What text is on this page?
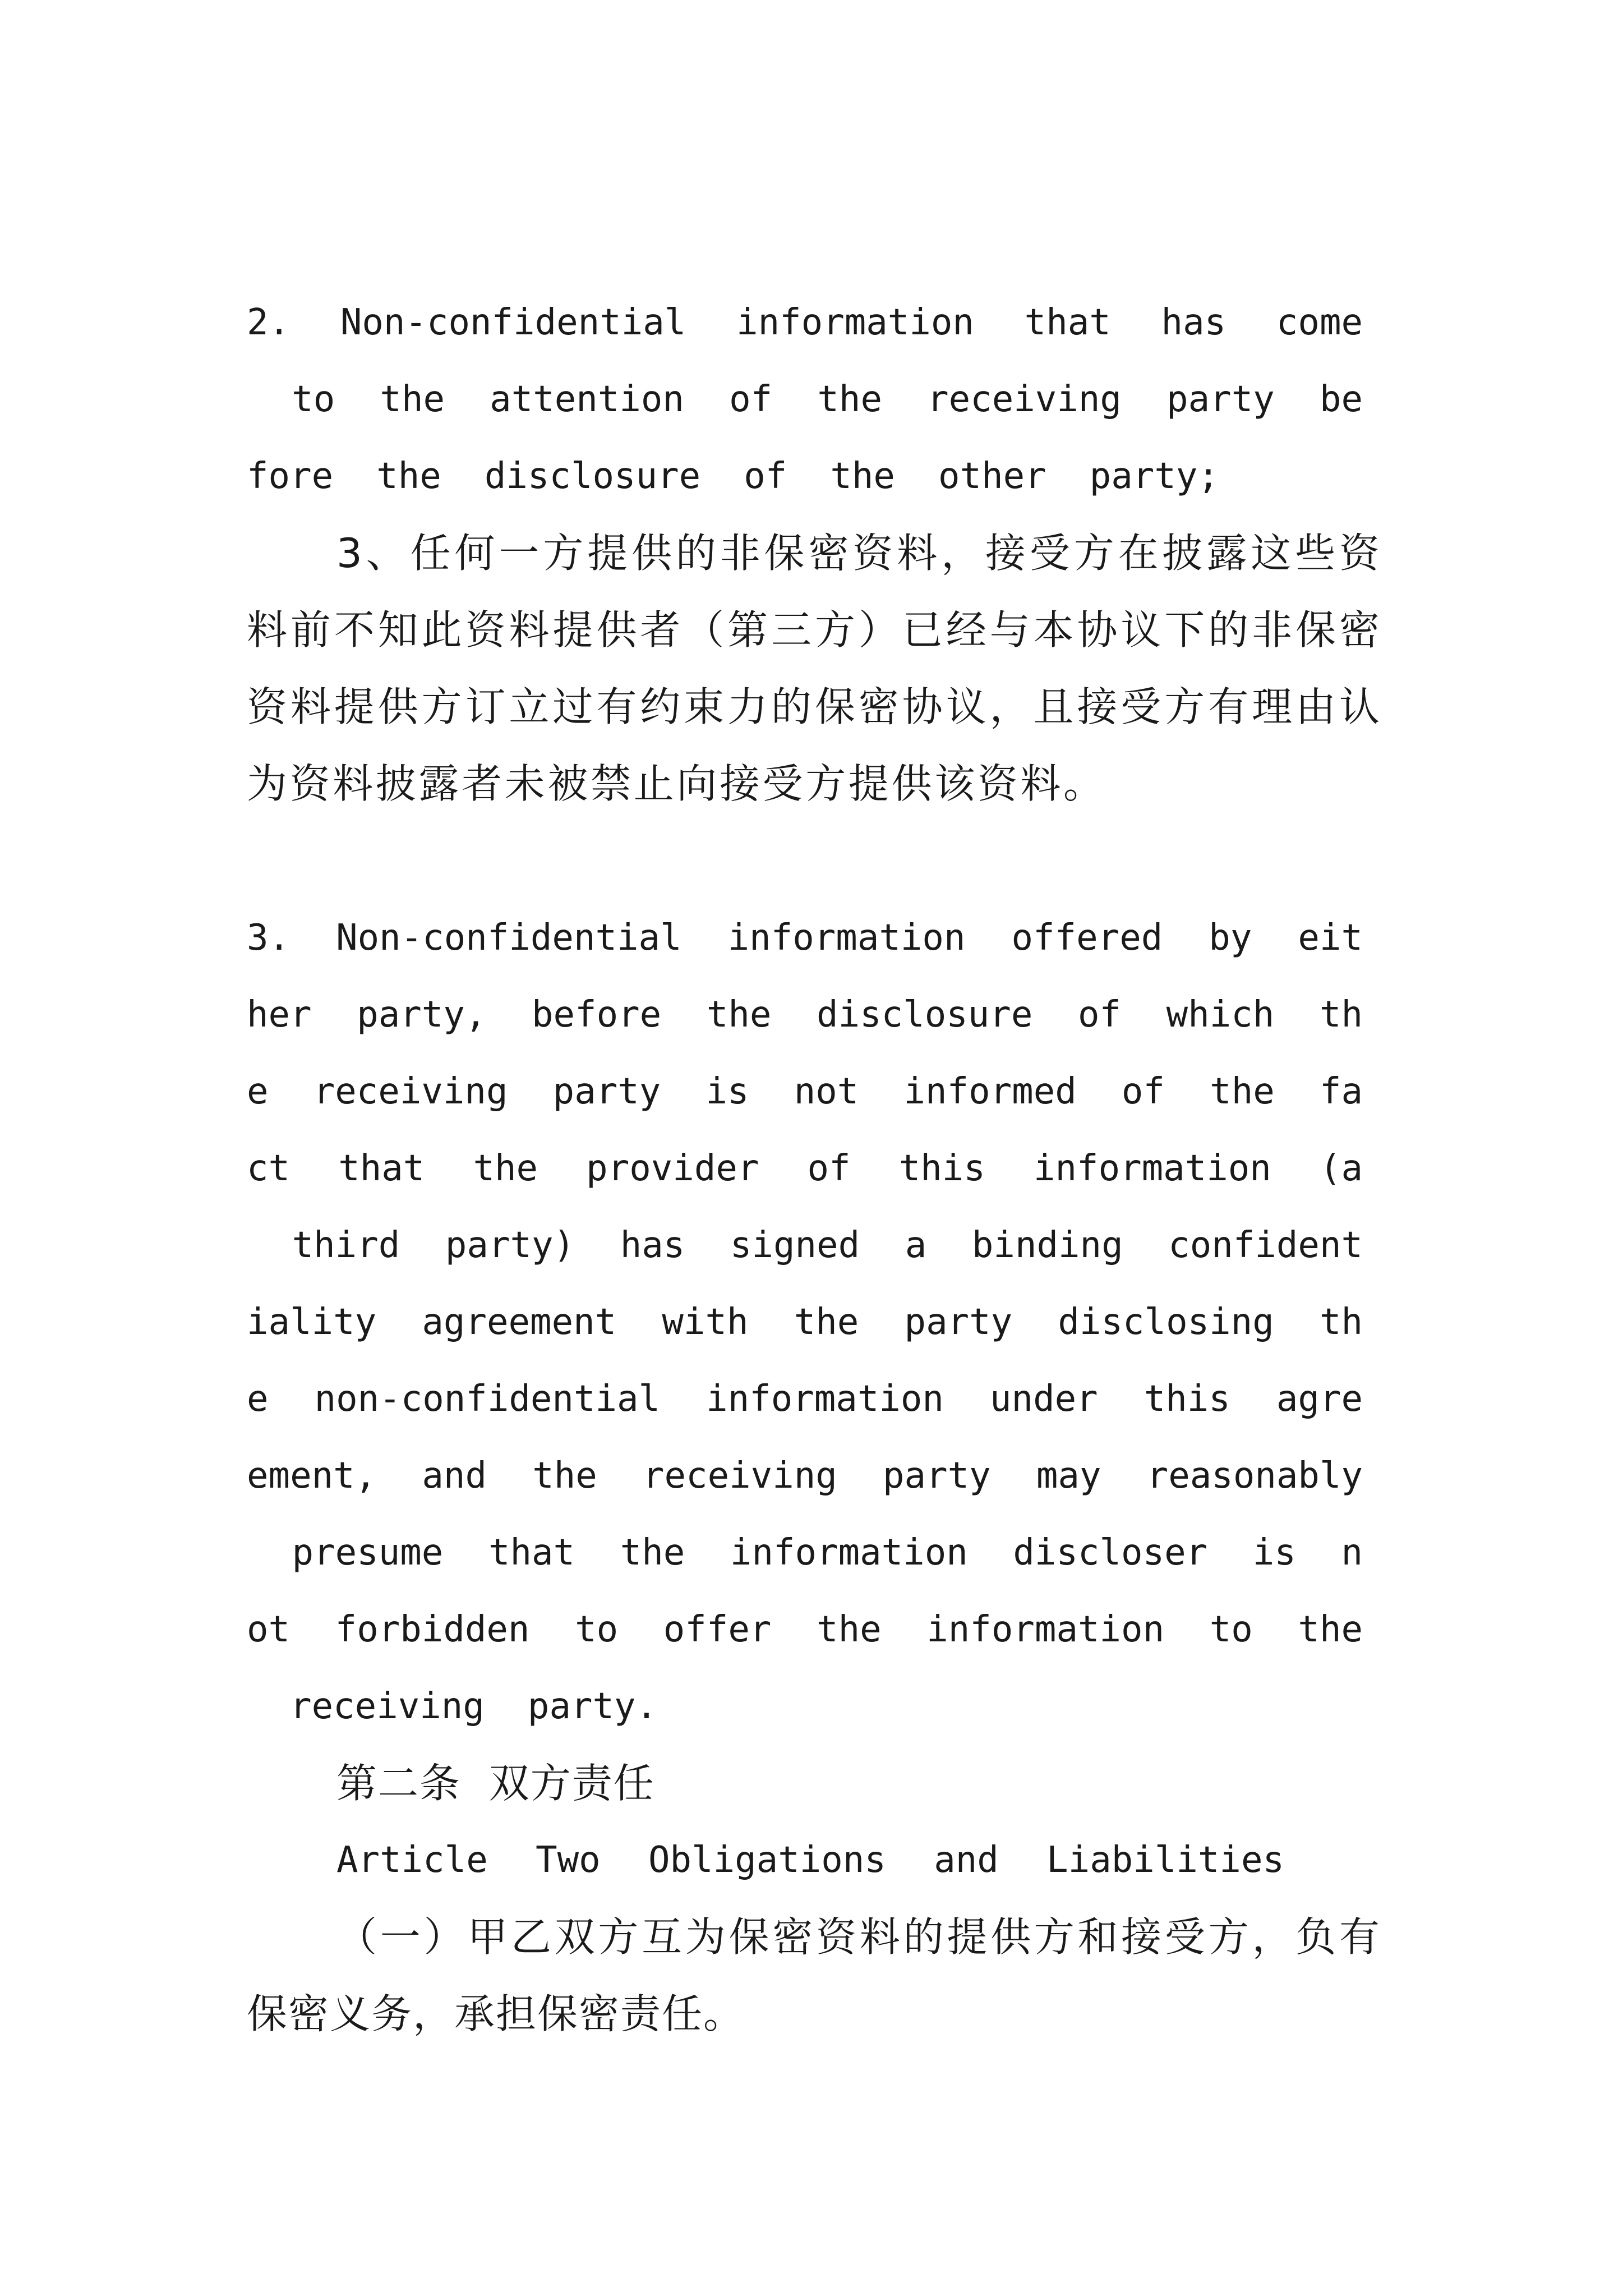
2.  Non-confidential  information  that  has  come
to  the  attention  of  the  receiving  party  be
fore  the  disclosure  of  the  other  party;
3、任何一方提供的非保密资料，接受方在披露这些资
料前不知此资料提供者（第三方）已经与本协议下的非保密
资料提供方订立过有约束力的保密协议，且接受方有理由认
为资料披露者未被禁止向接受方提供该资料。
3.  Non-confidential  information  offered  by  eit
her  party,  before  the  disclosure  of  which  th
e  receiving  party  is  not  informed  of  the  fa
ct  that  the  provider  of  this  information  (a
third  party)  has  signed  a  binding  confident
iality  agreement  with  the  party  disclosing  th
e  non-confidential  information  under  this  agre
ement,  and  the  receiving  party  may  reasonably
presume  that  the  information  discloser  is  n
ot  forbidden  to  offer  the  information  to  the
receiving  party.
第二条  双方责任
Article  Two  Obligations  and  Liabilities
（一）甲乙双方互为保密资料的提供方和接受方，负有
保密义务，承担保密责任。
